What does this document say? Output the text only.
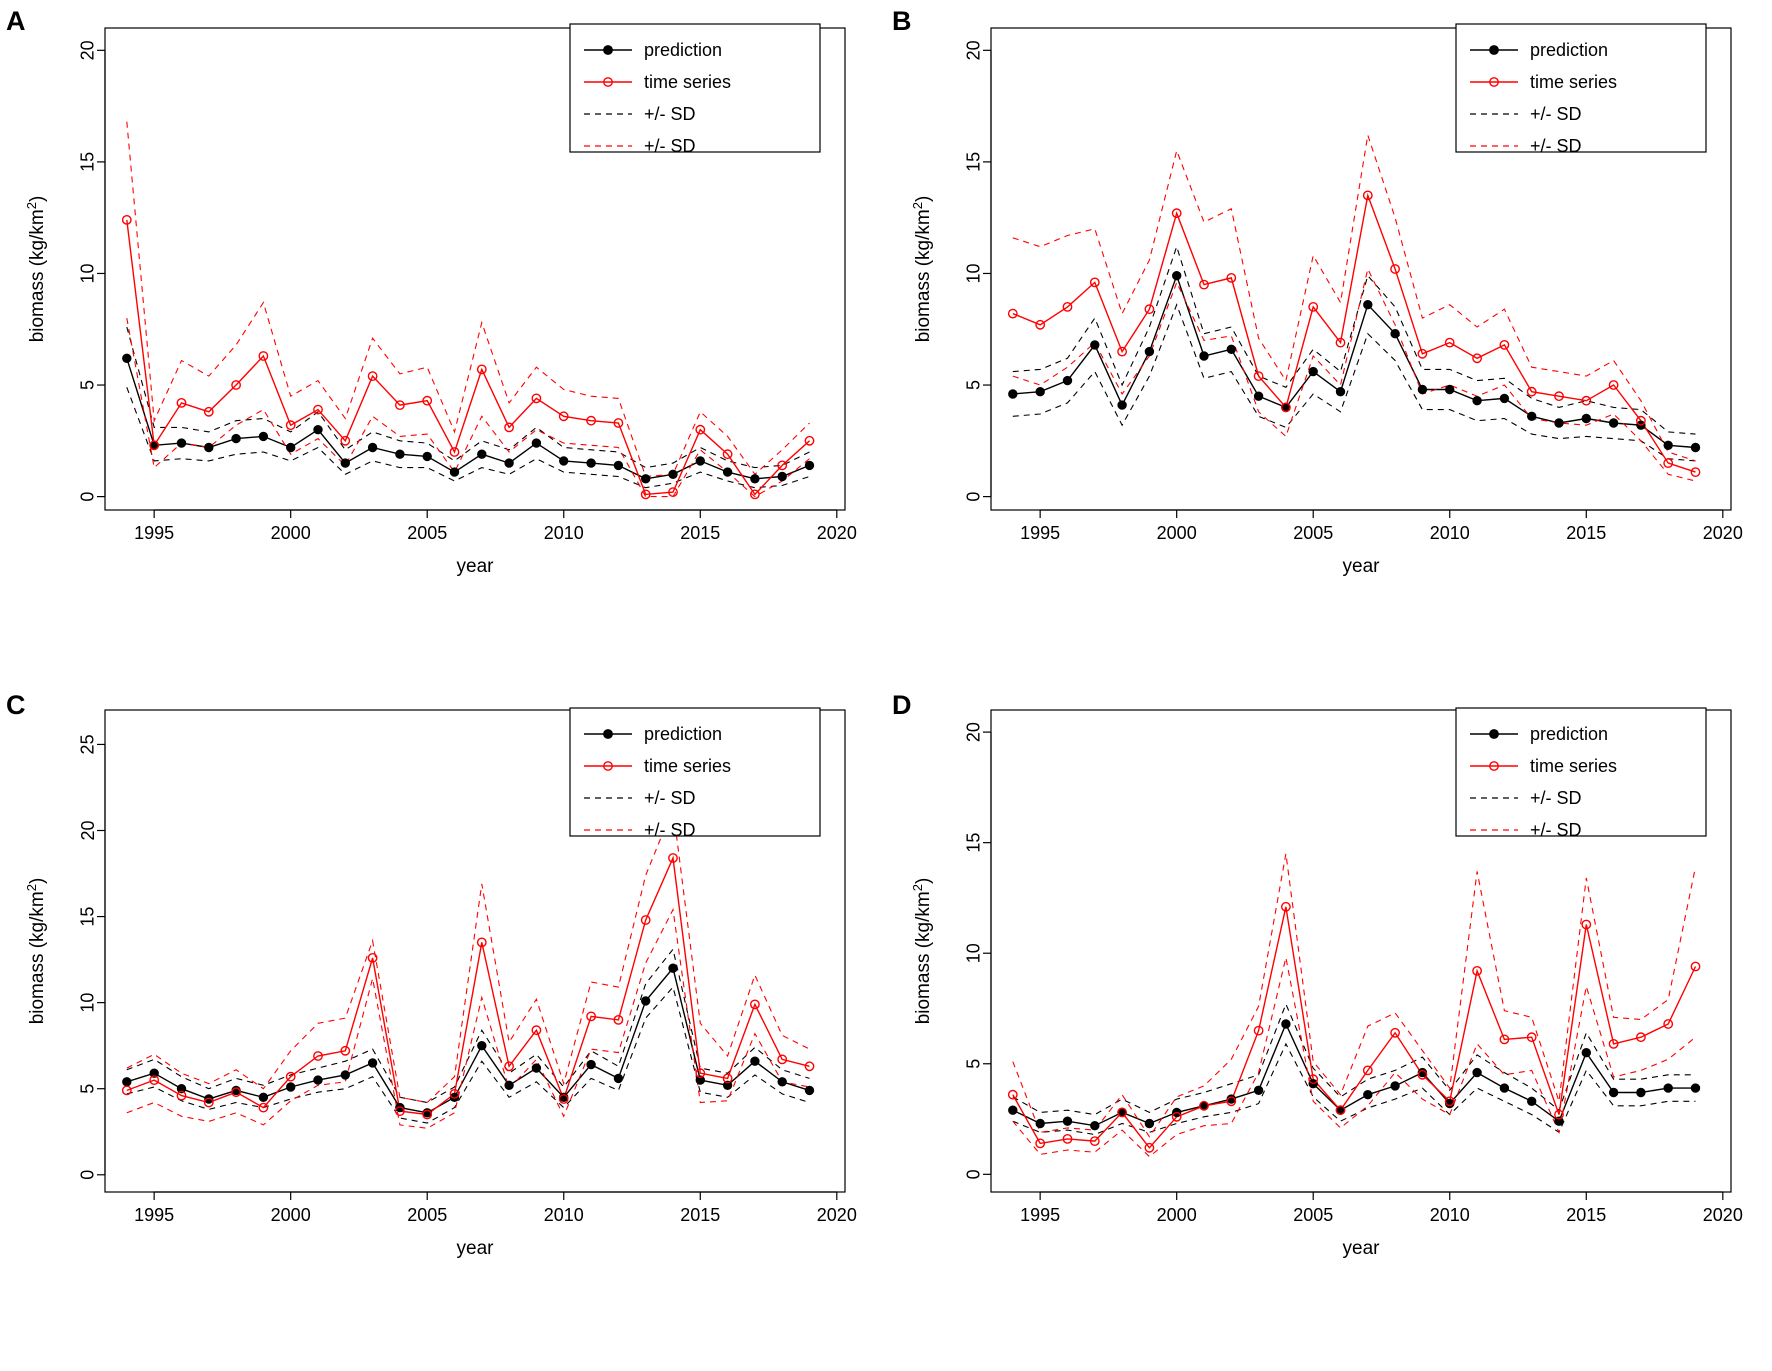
A
1995	2000	2005	2010	2015	2020
0
5
10
15
20
year
biomass $(kg/km^2)$
prediction
time series
+/- SD
+/- SD
B
1995	2000	2005	2010	2015	2020
0
5
10
15
20
year
biomass $(kg/km^2)$
prediction
time series
+/- SD
+/- SD
C
1995	2000	2005	2010	2015	2020
0
5
10
15
20
25
year
biomass $(kg/km^2)$
prediction
time series
+/- SD
+/- SD
D
1995	2000	2005	2010	2015	2020
0
5
10
15
20
year
biomass $(kg/km^2)$
prediction
time series
+/- SD
+/- SD
